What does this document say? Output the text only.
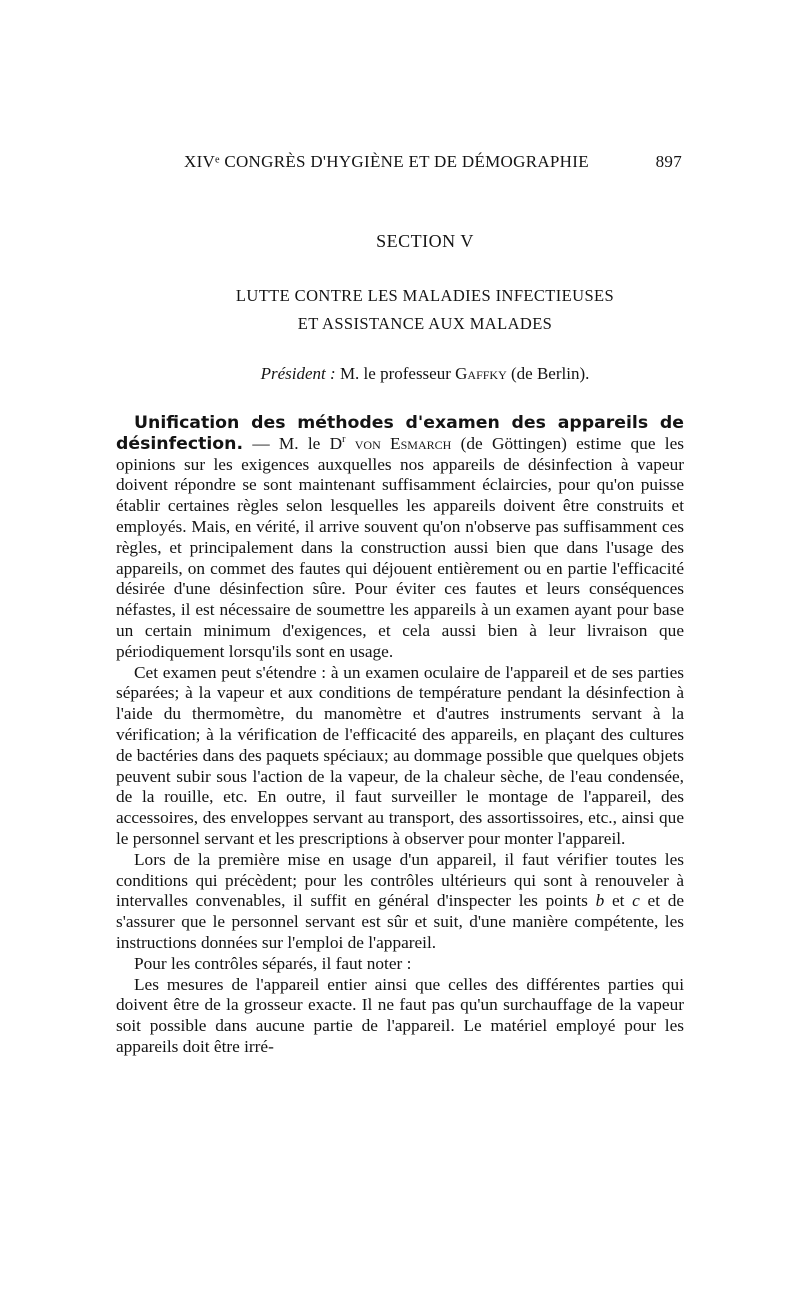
XIVᵉ CONGRÈS D'HYGIÈNE ET DE DÉMOGRAPHIE	897
SECTION V
LUTTE CONTRE LES MALADIES INFECTIEUSES
ET ASSISTANCE AUX MALADES
Président : M. le professeur Gaffky (de Berlin).

Unification des méthodes d'examen des appareils de désinfection. — M. le $D^r$ von Esmarch (de Göttingen) estime que les opinions sur les exigences auxquelles nos appareils de désinfection à vapeur doivent répondre se sont maintenant suffisamment éclaircies, pour qu'on puisse établir certaines règles selon lesquelles les appareils doivent être construits et employés. Mais, en vérité, il arrive souvent qu'on n'observe pas suffisamment ces règles, et principalement dans la construction aussi bien que dans l'usage des appareils, on commet des fautes qui déjouent entièrement ou en partie l'efficacité désirée d'une désinfection sûre. Pour éviter ces fautes et leurs conséquences néfastes, il est nécessaire de soumettre les appareils à un examen ayant pour base un certain minimum d'exigences, et cela aussi bien à leur livraison que périodiquement lorsqu'ils sont en usage.

Cet examen peut s'étendre : à un examen oculaire de l'appareil et de ses parties séparées; à la vapeur et aux conditions de température pendant la désinfection à l'aide du thermomètre, du manomètre et d'autres instruments servant à la vérification; à la vérification de l'efficacité des appareils, en plaçant des cultures de bactéries dans des paquets spéciaux; au dommage possible que quelques objets peuvent subir sous l'action de la vapeur, de la chaleur sèche, de l'eau condensée, de la rouille, etc. En outre, il faut surveiller le montage de l'appareil, des accessoires, des enveloppes servant au transport, des assortissoires, etc., ainsi que le personnel servant et les prescriptions à observer pour monter l'appareil.

Lors de la première mise en usage d'un appareil, il faut vérifier toutes les conditions qui précèdent; pour les contrôles ultérieurs qui sont à renouveler à intervalles convenables, il suffit en général d'inspecter les points b et c et de s'assurer que le personnel servant est sûr et suit, d'une manière compétente, les instructions données sur l'emploi de l'appareil.

Pour les contrôles séparés, il faut noter :

Les mesures de l'appareil entier ainsi que celles des différentes parties qui doivent être de la grosseur exacte. Il ne faut pas qu'un surchauffage de la vapeur soit possible dans aucune partie de l'appareil. Le matériel employé pour les appareils doit être irré-
